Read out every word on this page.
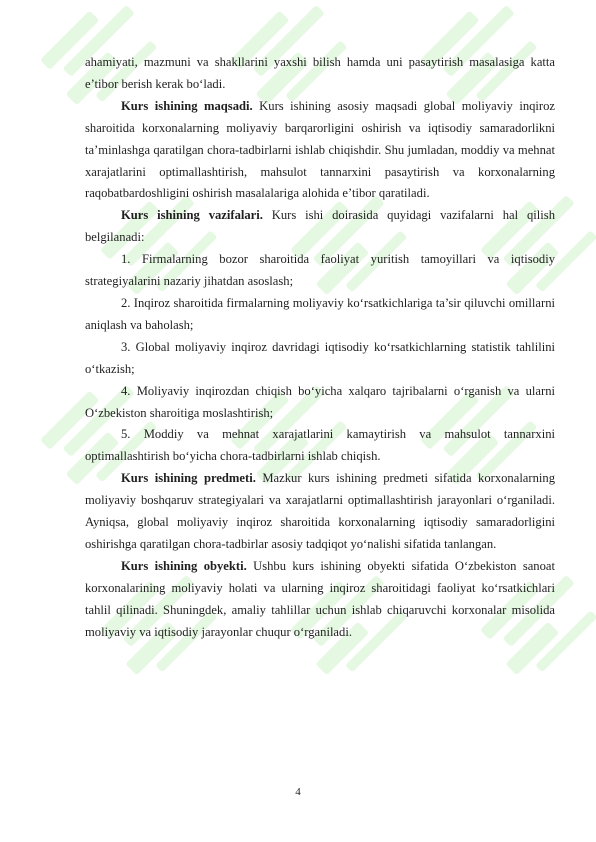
ahamiyati, mazmuni va shakllarini yaxshi bilish hamda uni pasaytirish masalasiga katta e’tibor berish kerak bo‘ladi.

Kurs ishining maqsadi. Kurs ishining asosiy maqsadi global moliyaviy inqiroz sharoitida korxonalarning moliyaviy barqarorligini oshirish va iqtisodiy samaradorlikni ta’minlashga qaratilgan chora-tadbirlarni ishlab chiqishdir. Shu jumladan, moddiy va mehnat xarajatlarini optimallashtirish, mahsulot tannarxini pasaytirish va korxonalarning raqobatbardoshligini oshirish masalalariga alohida e’tibor qaratiladi.

Kurs ishining vazifalari. Kurs ishi doirasida quyidagi vazifalarni hal qilish belgilanadi:

1. Firmalarning bozor sharoitida faoliyat yuritish tamoyillari va iqtisodiy strategiyalarini nazariy jihatdan asoslash;

2. Inqiroz sharoitida firmalarning moliyaviy ko‘rsatkichlariga ta’sir qiluvchi omillarni aniqlash va baholash;

3. Global moliyaviy inqiroz davridagi iqtisodiy ko‘rsatkichlarning statistik tahlilini o‘tkazish;

4. Moliyaviy inqirozdan chiqish bo‘yicha xalqaro tajribalarni o‘rganish va ularni O‘zbekiston sharoitiga moslashtirish;

5. Moddiy va mehnat xarajatlarini kamaytirish va mahsulot tannarxini optimallashtirish bo‘yicha chora-tadbirlarni ishlab chiqish.

Kurs ishining predmeti. Mazkur kurs ishining predmeti sifatida korxonalarning moliyaviy boshqaruv strategiyalari va xarajatlarni optimallashtirish jarayonlari o‘rganiladi. Ayniqsa, global moliyaviy inqiroz sharoitida korxonalarning iqtisodiy samaradorligini oshirishga qaratilgan chora-tadbirlar asosiy tadqiqot yo‘nalishi sifatida tanlangan.

Kurs ishining obyekti. Ushbu kurs ishining obyekti sifatida O‘zbekiston sanoat korxonalarining moliyaviy holati va ularning inqiroz sharoitidagi faoliyat ko‘rsatkichlari tahlil qilinadi. Shuningdek, amaliy tahlillar uchun ishlab chiqaruvchi korxonalar misolida moliyaviy va iqtisodiy jarayonlar chuqur o‘rganiladi.

4
